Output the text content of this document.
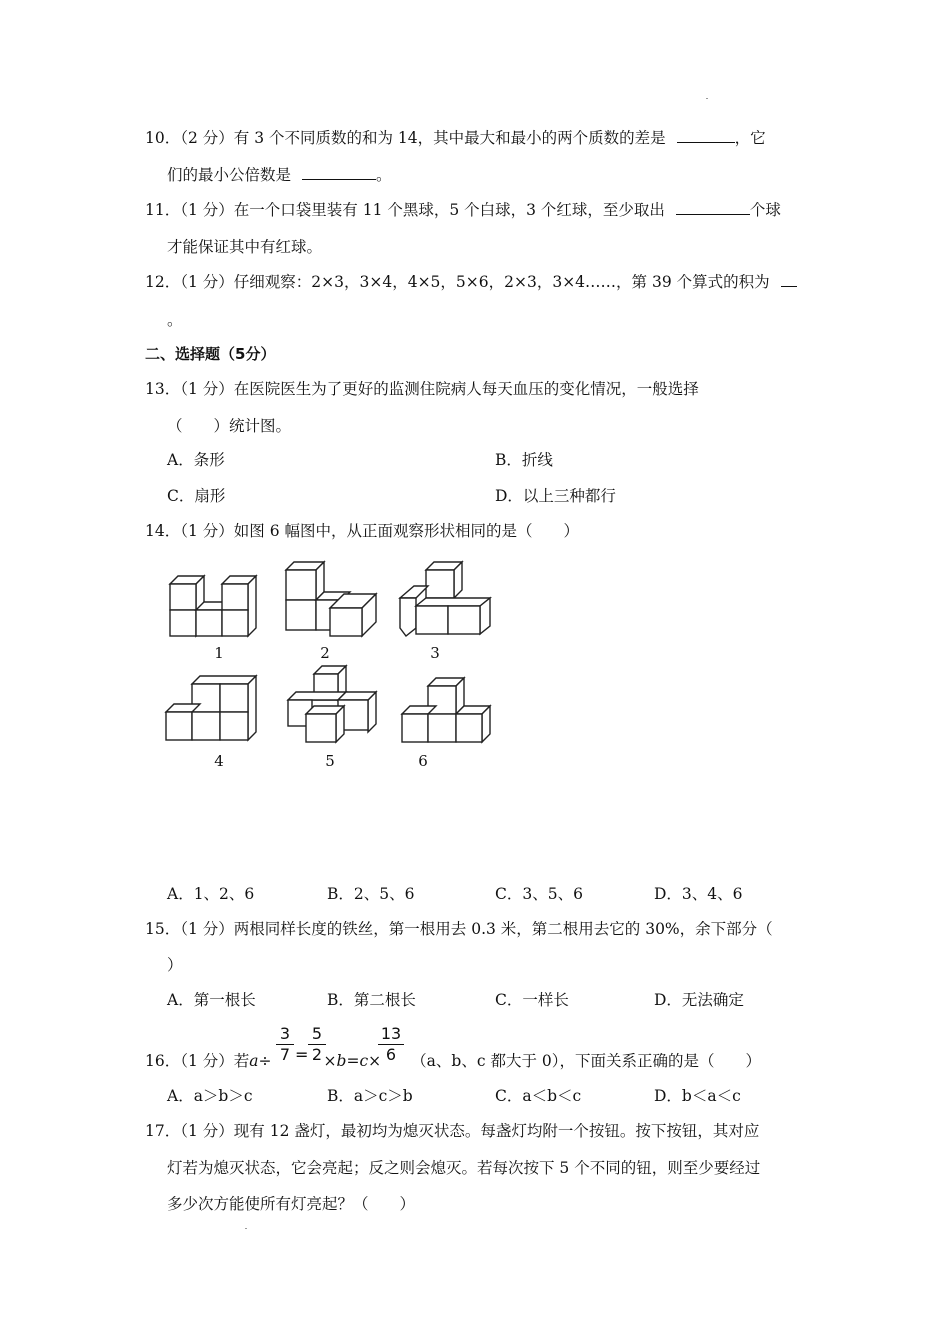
10．（2 分）有 3 个不同质数的和为 14，其中最大和最小的两个质数的差是	，它
们的最小公倍数是	。
11．（1 分）在一个口袋里装有 11 个黑球，5 个白球，3 个红球，至少取出	个球
才能保证其中有红球。
12．（1 分）仔细观察：2×3，3×4，4×5，5×6，2×3，3×4……，第 39 个算式的积为
。
二、选择题（5分）
13．（1 分）在医院医生为了更好的监测住院病人每天血压的变化情况，一般选择
（　　）统计图。
A．条形	B．折线
C．扇形	D．以上三种都行
14．（1 分）如图 6 幅图中，从正面观察形状相同的是（　　）
1	2	3
4	5	6
A．1、2、6	B．2、5、6	C．3、5、6	D．3、4、6
15．（1 分）两根同样长度的铁丝，第一根用去 0.3 米，第二根用去它的 30%，余下部分（
）
A．第一根长	B．第二根长	C．一样长	D．无法确定
16．（1 分）若a÷	×b=c× （a、b、c 都大于 0），下面关系正确的是（　　）
3
7 =
5
2
13
6
A．a＞b＞c	B．a＞c＞b	C．a＜b＜c	D．b＜a＜c
17．（1 分）现有 12 盏灯，最初均为熄灭状态。每盏灯均附一个按钮。按下按钮，其对应
灯若为熄灭状态，它会亮起；反之则会熄灭。若每次按下 5 个不同的钮，则至少要经过
多少次方能使所有灯亮起？（　　）
